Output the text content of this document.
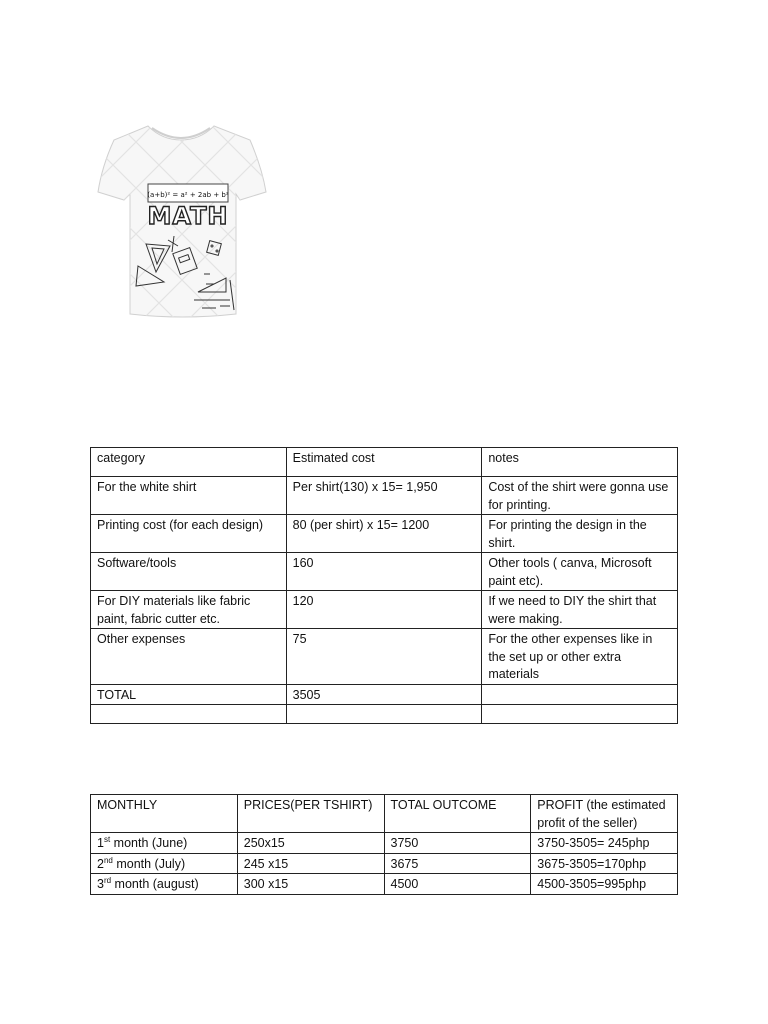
(a+b)² = a² + 2ab + b²
MATH
category	Estimated cost	notes
For the white shirt	Per shirt(130) x 15= 1,950	Cost of the shirt were gonna use for printing.
Printing cost (for each design)	80 (per shirt) x 15= 1200	For printing the design in the shirt.
Software/tools	160	Other tools ( canva, Microsoft paint etc).
For DIY materials like fabric paint, fabric cutter etc.	120	If we need to DIY the shirt that were making.
Other expenses	75	For the other expenses like in the set up or other extra materials
TOTAL	3505	

MONTHLY	PRICES(PER TSHIRT)	TOTAL OUTCOME	PROFIT (the estimated profit of the seller)
1st month (June)	250x15	3750	3750-3505= 245php
2nd month (July)	245 x15	3675	3675-3505=170php
3rd month (august)	300 x15	4500	4500-3505=995php
